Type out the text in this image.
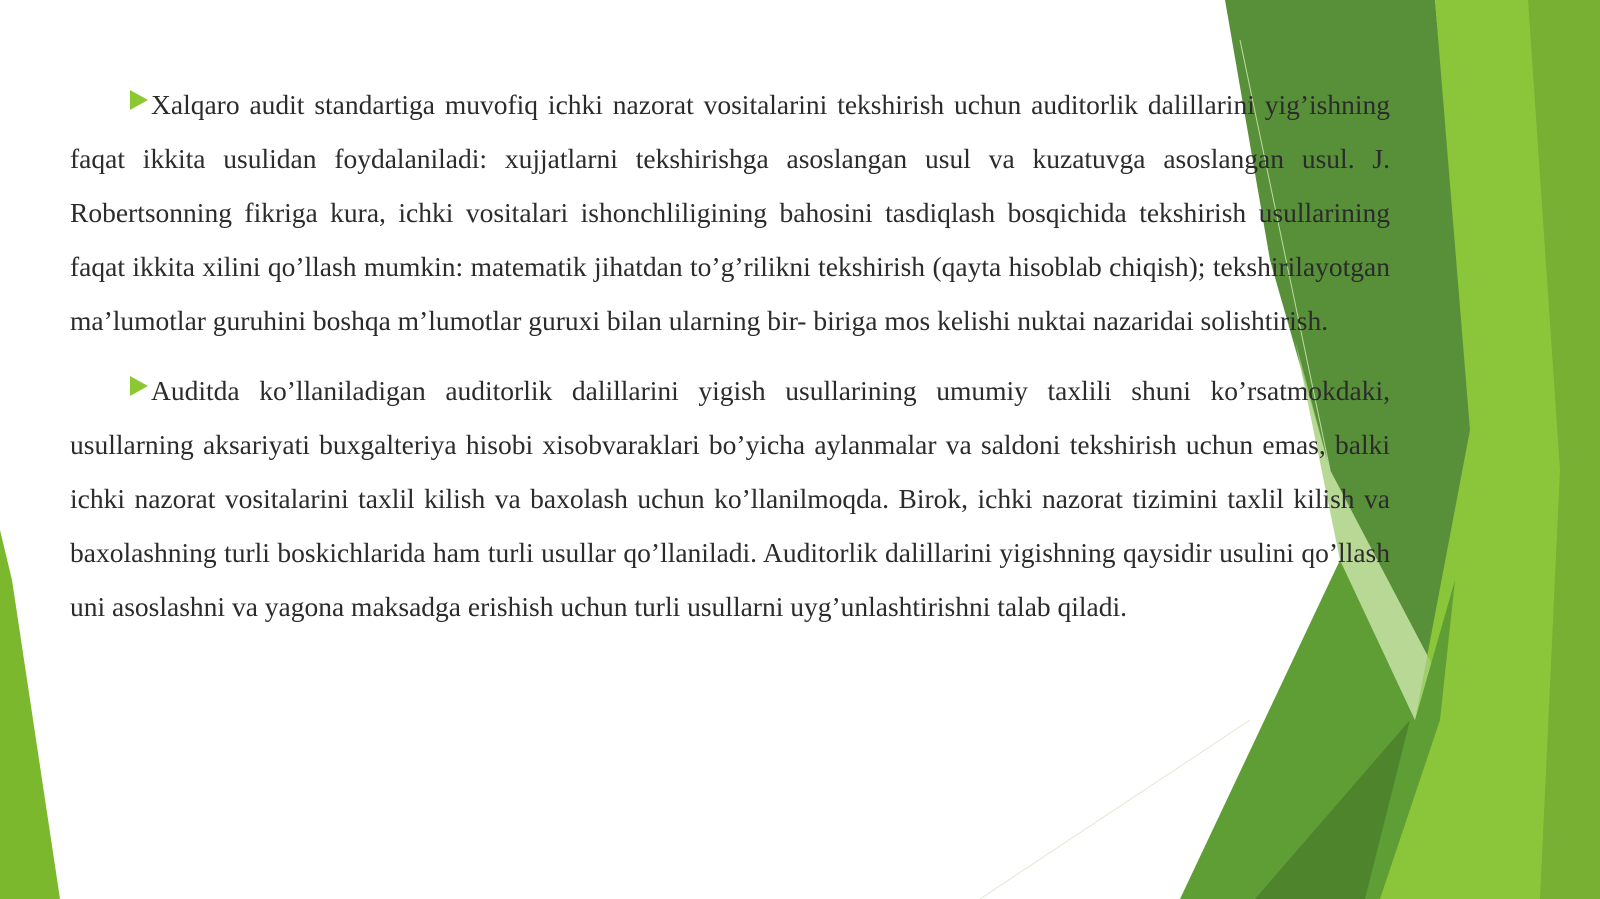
Xalqaro audit standartiga muvofiq ichki nazorat vositalarini tekshirish uchun auditorlik dalillarini yig’ishning faqat ikkita usulidan foydalaniladi: xujjatlarni tekshirishga asoslangan usul va kuzatuvga asoslangan usul. J. Robertsonning fikriga kura, ichki vositalari ishonchliligining bahosini tasdiqlash bosqichida tekshirish usullarining faqat ikkita xilini qo’llash mumkin: matematik jihatdan to’g’rilikni tekshirish (qayta hisoblab chiqish); tekshirilayotgan ma’lumotlar guruhini boshqa m’lumotlar guruxi bilan ularning bir- biriga mos kelishi nuktai nazaridai solishtirish.

Auditda ko’llaniladigan auditorlik dalillarini yigish usullarining umumiy taxlili shuni ko’rsatmokdaki, usullarning aksariyati buxgalteriya hisobi xisobvaraklari bo’yicha aylanmalar va saldoni tekshirish uchun emas, balki ichki nazorat vositalarini taxlil kilish va baxolash uchun ko’llanilmoqda. Birok, ichki nazorat tizimini taxlil kilish va baxolashning turli boskichlarida ham turli usullar qo’llaniladi. Auditorlik dalillarini yigishning qaysidir usulini qo’llash uni asoslashni va yagona maksadga erishish uchun turli usullarni uyg’unlashtirishni talab qiladi.
